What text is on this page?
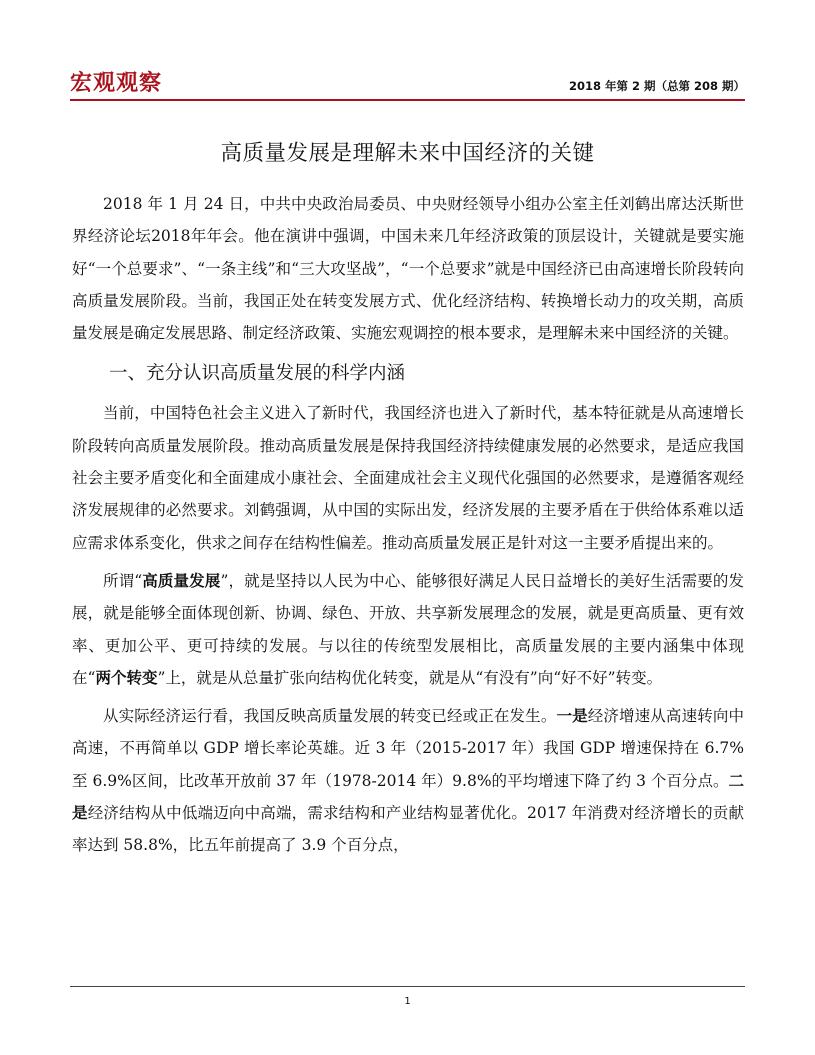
宏观观察	2018 年第 2 期（总第 208 期）
高质量发展是理解未来中国经济的关键

2018 年 1 月 24 日，中共中央政治局委员、中央财经领导小组办公室主任刘鹤出席达沃斯世界经济论坛2018年年会。他在演讲中强调，中国未来几年经济政策的顶层设计，关键就是要实施好“一个总要求”、“一条主线”和“三大攻坚战”，“一个总要求”就是中国经济已由高速增长阶段转向高质量发展阶段。当前，我国正处在转变发展方式、优化经济结构、转换增长动力的攻关期，高质量发展是确定发展思路、制定经济政策、实施宏观调控的根本要求，是理解未来中国经济的关键。

一、充分认识高质量发展的科学内涵

当前，中国特色社会主义进入了新时代，我国经济也进入了新时代，基本特征就是从高速增长阶段转向高质量发展阶段。推动高质量发展是保持我国经济持续健康发展的必然要求，是适应我国社会主要矛盾变化和全面建成小康社会、全面建成社会主义现代化强国的必然要求，是遵循客观经济发展规律的必然要求。刘鹤强调，从中国的实际出发，经济发展的主要矛盾在于供给体系难以适应需求体系变化，供求之间存在结构性偏差。推动高质量发展正是针对这一主要矛盾提出来的。

所谓“高质量发展”，就是坚持以人民为中心、能够很好满足人民日益增长的美好生活需要的发展，就是能够全面体现创新、协调、绿色、开放、共享新发展理念的发展，就是更高质量、更有效率、更加公平、更可持续的发展。与以往的传统型发展相比，高质量发展的主要内涵集中体现在“两个转变”上，就是从总量扩张向结构优化转变，就是从“有没有”向“好不好”转变。

从实际经济运行看，我国反映高质量发展的转变已经或正在发生。一是经济增速从高速转向中高速，不再简单以 GDP 增长率论英雄。近 3 年（2015-2017 年）我国 GDP 增速保持在 6.7%至 6.9%区间，比改革开放前 37 年（1978-2014 年）9.8%的平均增速下降了约 3 个百分点。二是经济结构从中低端迈向中高端，需求结构和产业结构显著优化。2017 年消费对经济增长的贡献率达到 58.8%，比五年前提高了 3.9 个百分点，

1
